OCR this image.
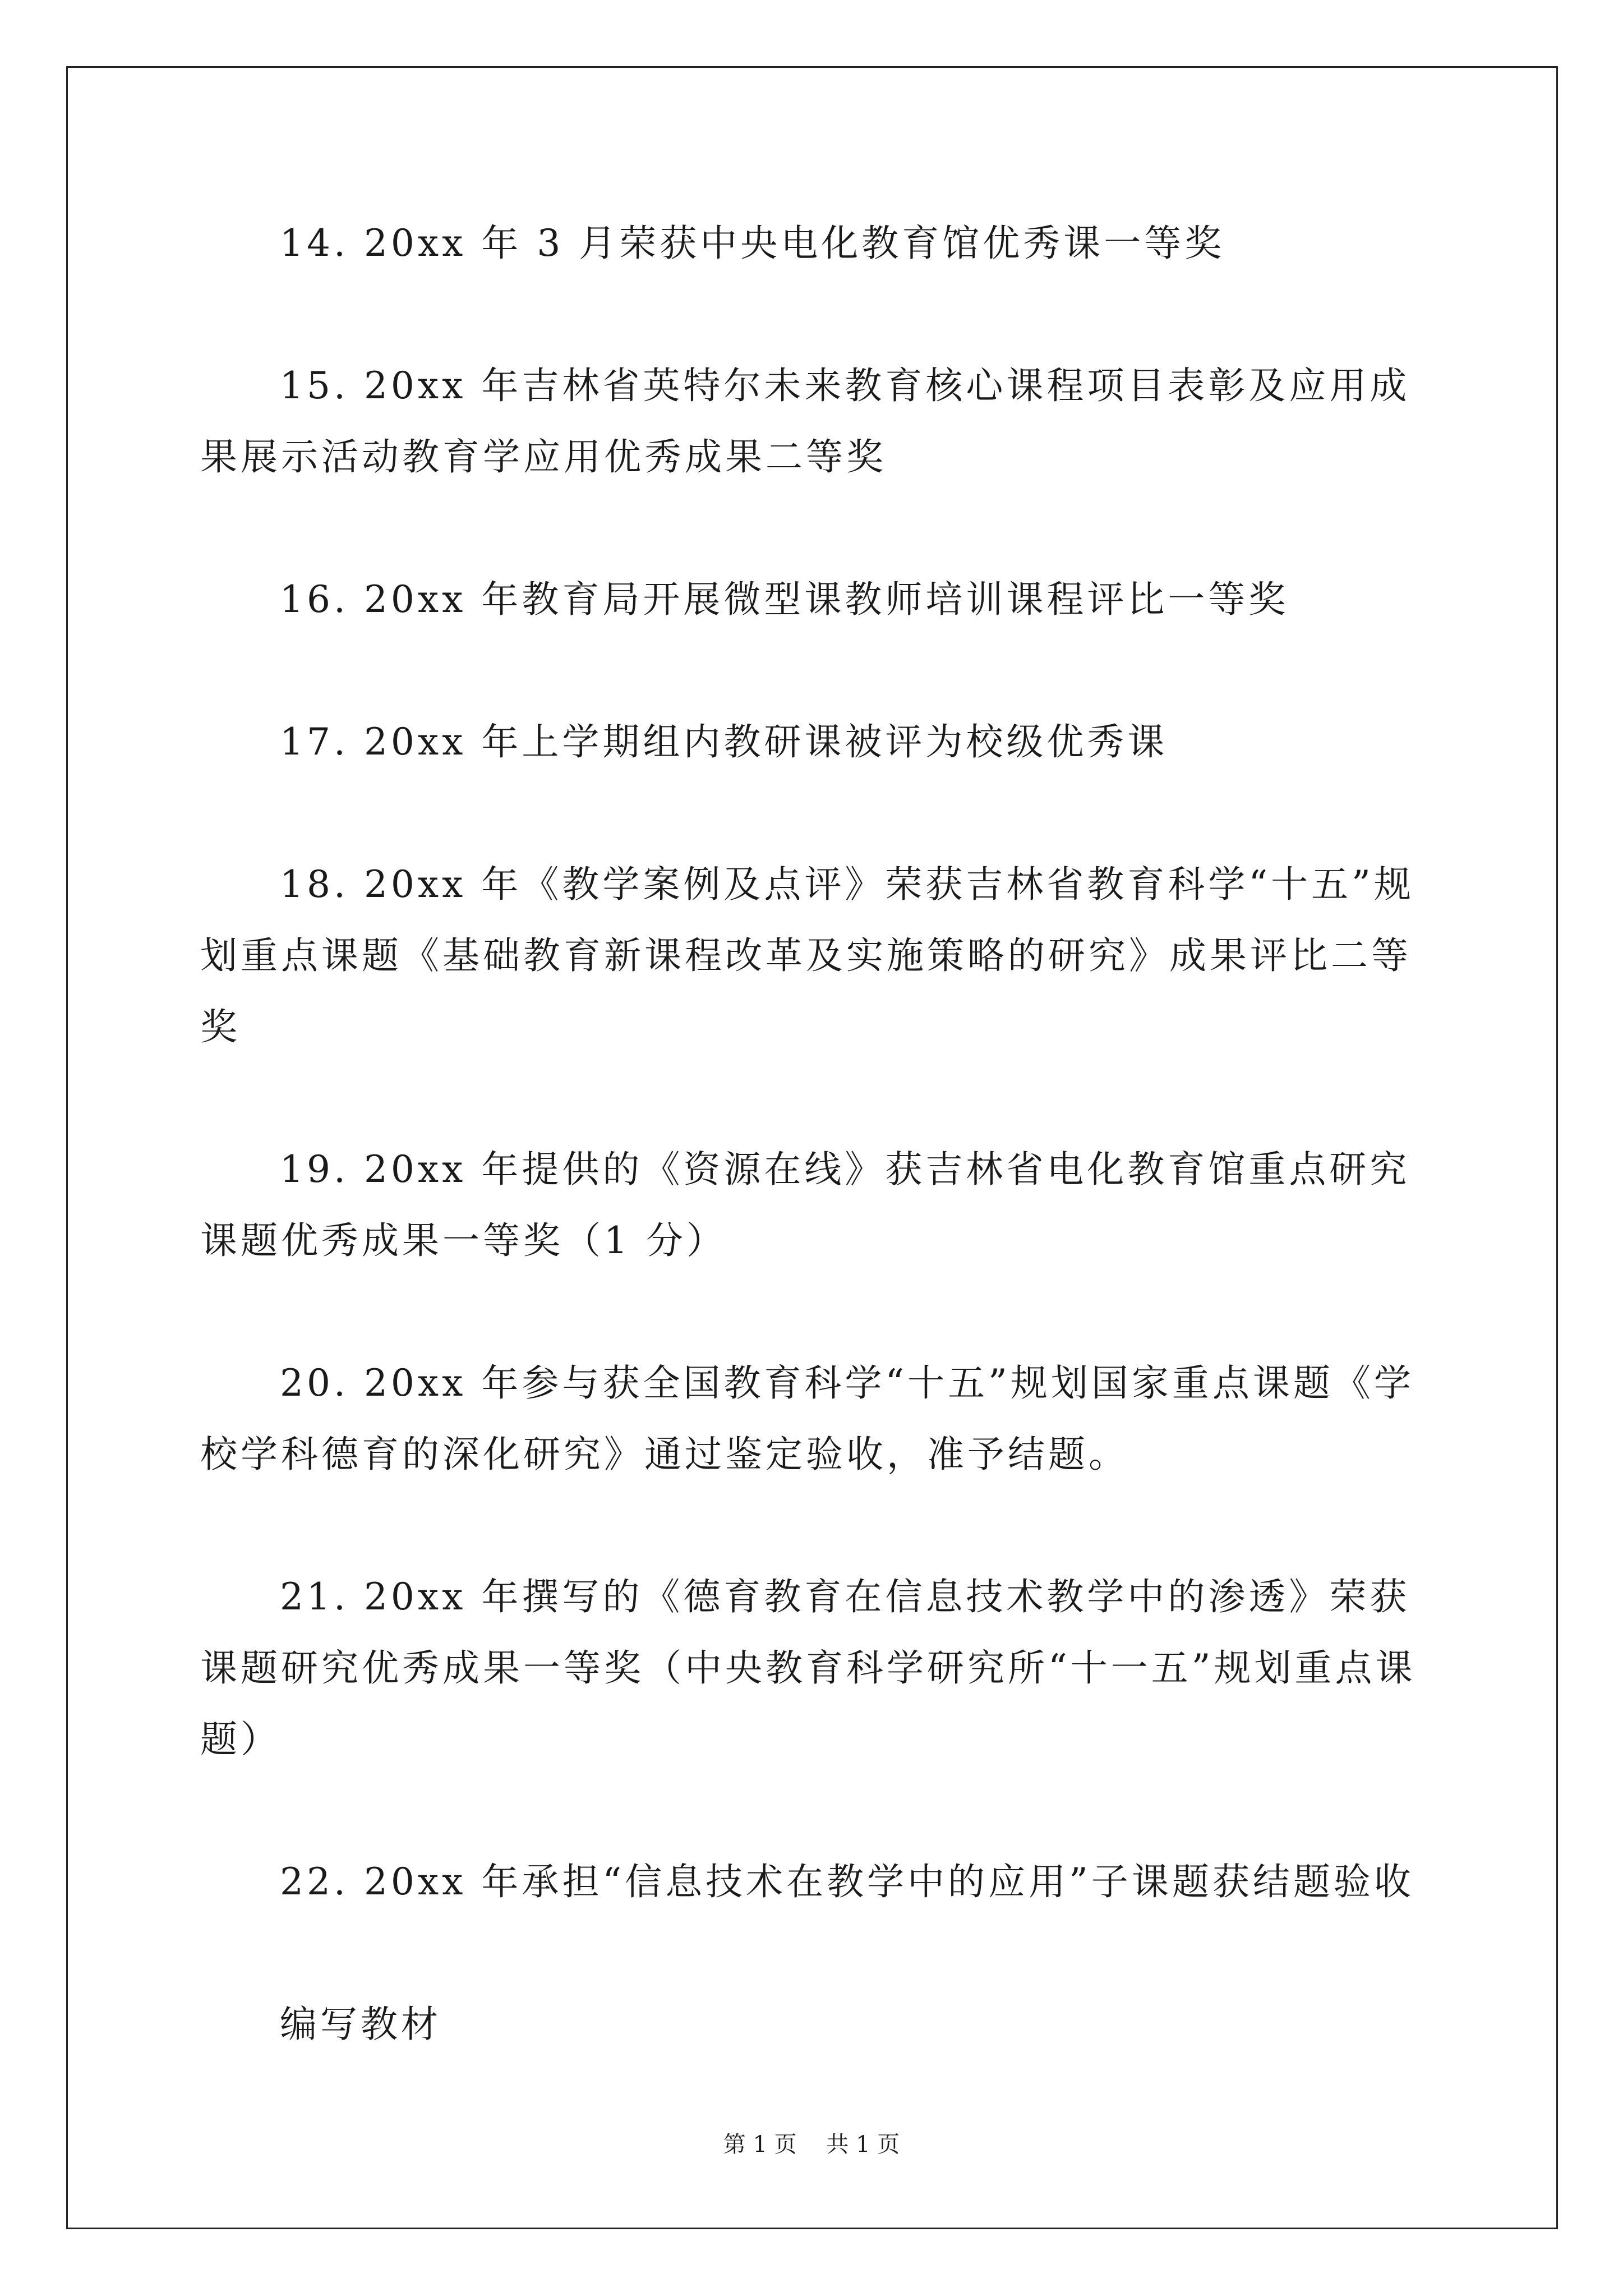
14. 20xx 年 3 月荣获中央电化教育馆优秀课一等奖

15. 20xx 年吉林省英特尔未来教育核心课程项目表彰及应用成果展示活动教育学应用优秀成果二等奖

16. 20xx 年教育局开展微型课教师培训课程评比一等奖

17. 20xx 年上学期组内教研课被评为校级优秀课

18. 20xx 年《教学案例及点评》荣获吉林省教育科学“十五”规划重点课题《基础教育新课程改革及实施策略的研究》成果评比二等奖

19. 20xx 年提供的《资源在线》获吉林省电化教育馆重点研究课题优秀成果一等奖（1 分）

20. 20xx 年参与获全国教育科学“十五”规划国家重点课题《学校学科德育的深化研究》通过鉴定验收，准予结题。

21. 20xx 年撰写的《德育教育在信息技术教学中的渗透》荣获课题研究优秀成果一等奖（中央教育科学研究所“十一五”规划重点课题）

22. 20xx 年承担“信息技术在教学中的应用”子课题获结题验收

编写教材

第 1 页 共 1 页
